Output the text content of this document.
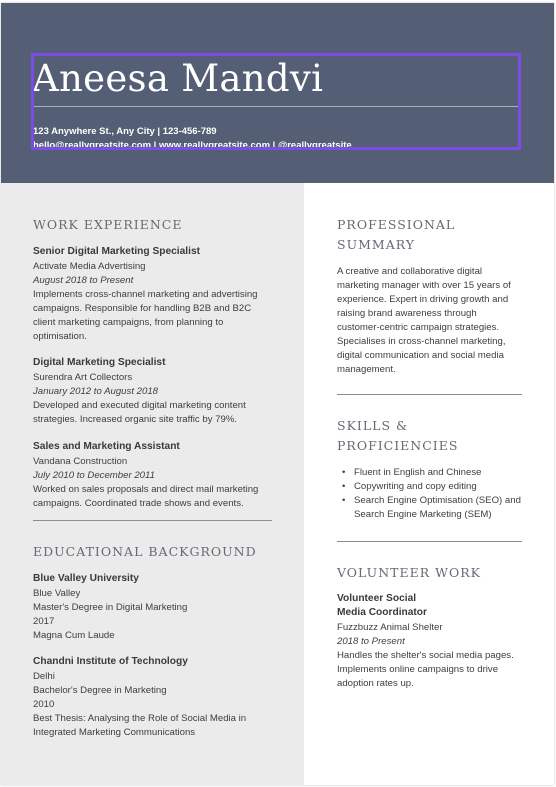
Aneesa Mandvi
123 Anywhere St., Any City | 123-456-789
hello@reallygreatsite.com | www.reallygreatsite.com | @reallygreatsite
WORK EXPERIENCE
Senior Digital Marketing Specialist
Activate Media Advertising
August 2018 to Present
Implements cross-channel marketing and advertising
campaigns. Responsible for handling B2B and B2C
client marketing campaigns, from planning to
optimisation.
Digital Marketing Specialist
Surendra Art Collectors
January 2012 to August 2018
Developed and executed digital marketing content
strategies. Increased organic site traffic by 79%.
Sales and Marketing Assistant
Vandana Construction
July 2010 to December 2011
Worked on sales proposals and direct mail marketing
campaigns. Coordinated trade shows and events.
EDUCATIONAL BACKGROUND
Blue Valley University
Blue Valley
Master's Degree in Digital Marketing
2017
Magna Cum Laude
Chandni Institute of Technology
Delhi
Bachelor's Degree in Marketing
2010
Best Thesis: Analysing the Role of Social Media in
Integrated Marketing Communications
PROFESSIONAL
SUMMARY
A creative and collaborative digital
marketing manager with over 15 years of
experience. Expert in driving growth and
raising brand awareness through
customer-centric campaign strategies.
Specialises in cross-channel marketing,
digital communication and social media
management.
SKILLS &
PROFICIENCIES
• Fluent in English and Chinese
• Copywriting and copy editing
• Search Engine Optimisation (SEO) and Search Engine Marketing (SEM)
VOLUNTEER WORK
Volunteer Social
Media Coordinator
Fuzzbuzz Animal Shelter
2018 to Present
Handles the shelter's social media pages.
Implements online campaigns to drive
adoption rates up.
